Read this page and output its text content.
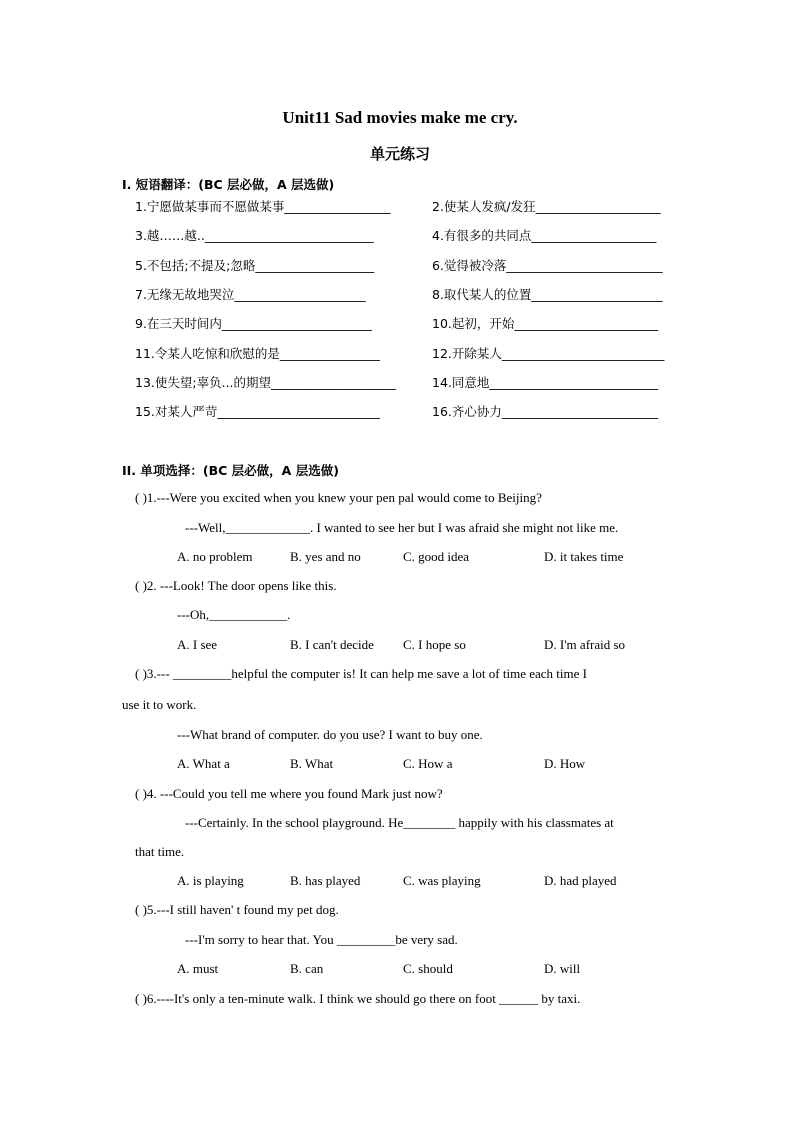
Unit11 Sad movies make me cry.
单元练习
I. 短语翻译：(BC 层必做，A 层选做)
1.宁愿做某事而不愿做某事_________________	2.使某人发疯/发狂____________________
3.越……越..___________________________	4.有很多的共同点____________________
5.不包括;不提及;忽略___________________	6.觉得被冷落_________________________
7.无缘无故地哭泣_____________________	8.取代某人的位置_____________________
9.在三天时间内________________________	10.起初，开始_______________________
11.令某人吃惊和欣慰的是________________	12.开除某人__________________________
13.使失望;辜负...的期望____________________	14.同意地___________________________
15.对某人严苛__________________________	16.齐心协力_________________________
II. 单项选择：(BC 层必做，A 层选做)
( )1.---Were you excited when you knew your pen pal would come to Beijing?
---Well,_____________. I wanted to see her but I was afraid she might not like me.
A. no problem	B. yes and no	C. good idea	D. it takes time
( )2. ---Look! The door opens like this.
---Oh,____________.
A. I see	B. I can't decide C. I hope so	D. I'm afraid so
( )3.--- _________helpful the computer is! It can help me save a lot of time each time I
use it to work.
---What brand of computer. do you use? I want to buy one.
A. What a	B. What	C. How a	D. How
( )4. ---Could you tell me where you found Mark just now?
---Certainly. In the school playground. He________ happily with his classmates at
that time.
A. is playing	B. has played	C. was playing	D. had played
( )5.---I still haven' t found my pet dog.
---I'm sorry to hear that. You _________be very sad.
A. must	B. can	C. should	D. will
( )6.----It's only a ten-minute walk. I think we should go there on foot ______ by taxi.
